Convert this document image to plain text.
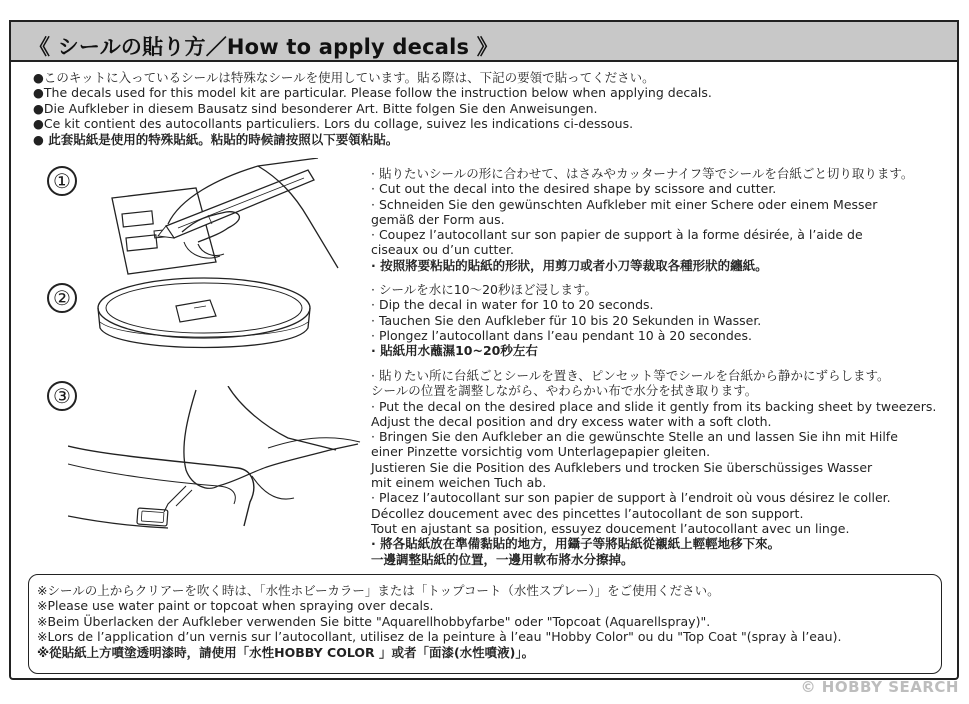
《 シールの貼り方／How to apply decals 》
●このキットに入っているシールは特殊なシールを使用しています。貼る際は、下記の要領で貼ってください。
●The decals used for this model kit are particular. Please follow the instruction below when applying decals.
●Die Aufkleber in diesem Bausatz sind besonderer Art. Bitte folgen Sie den Anweisungen.
●Ce kit contient des autocollants particuliers. Lors du collage, suivez les indications ci-dessous.
● 此套貼紙是使用的特殊貼紙。粘貼的時候請按照以下要領粘貼。
①	· 貼りたいシールの形に合わせて、はさみやカッターナイフ等でシールを台紙ごと切り取ります。
· Cut out the decal into the desired shape by scissore and cutter.
· Schneiden Sie den gewünschten Aufkleber mit einer Schere oder einem Messer
gemäß der Form aus.
· Coupez l’autocollant sur son papier de support à la forme désirée, à l’aide de
ciseaux ou d’un cutter.
· 按照將要粘貼的貼紙的形狀，用剪刀或者小刀等裁取各種形狀的纏紙。
②	· シールを水に10～20秒ほど浸します。
· Dip the decal in water for 10 to 20 seconds.
· Tauchen Sie den Aufkleber für 10 bis 20 Sekunden in Wasser.
· Plongez l’autocollant dans l’eau pendant 10 à 20 secondes.
· 貼紙用水蘸濕10~20秒左右
③
· 貼りたい所に台紙ごとシールを置き、ピンセット等でシールを台紙から静かにずらします。
シールの位置を調整しながら、やわらかい布で水分を拭き取ります。
· Put the decal on the desired place and slide it gently from its backing sheet by tweezers.
Adjust the decal position and dry excess water with a soft cloth.
· Bringen Sie den Aufkleber an die gewünschte Stelle an und lassen Sie ihn mit Hilfe
einer Pinzette vorsichtig vom Unterlagepapier gleiten.
Justieren Sie die Position des Aufklebers und trocken Sie überschüssiges Wasser
mit einem weichen Tuch ab.
· Placez l’autocollant sur son papier de support à l’endroit où vous désirez le coller.
Décollez doucement avec des pincettes l’autocollant de son support.
Tout en ajustant sa position, essuyez doucement l’autocollant avec un linge.
· 將各貼紙放在準備黏貼的地方，用鑷子等將貼紙從襯紙上輕輕地移下來。
一邊調整貼紙的位置，一邊用軟布將水分擦掉。
※シールの上からクリアーを吹く時は、「水性ホビーカラー」または「トップコート（水性スプレー）」をご使用ください。
※Please use water paint or topcoat when spraying over decals.
※Beim Überlacken der Aufkleber verwenden Sie bitte "Aquarellhobbyfarbe" oder "Topcoat (Aquarellspray)".
※Lors de l’application d’un vernis sur l’autocollant, utilisez de la peinture à l’eau "Hobby Color" ou du "Top Coat "(spray à l’eau).
※從貼紙上方噴塗透明漆時，請使用「水性HOBBY COLOR 」或者「面漆(水性噴液)」。
© HOBBY SEARCH
